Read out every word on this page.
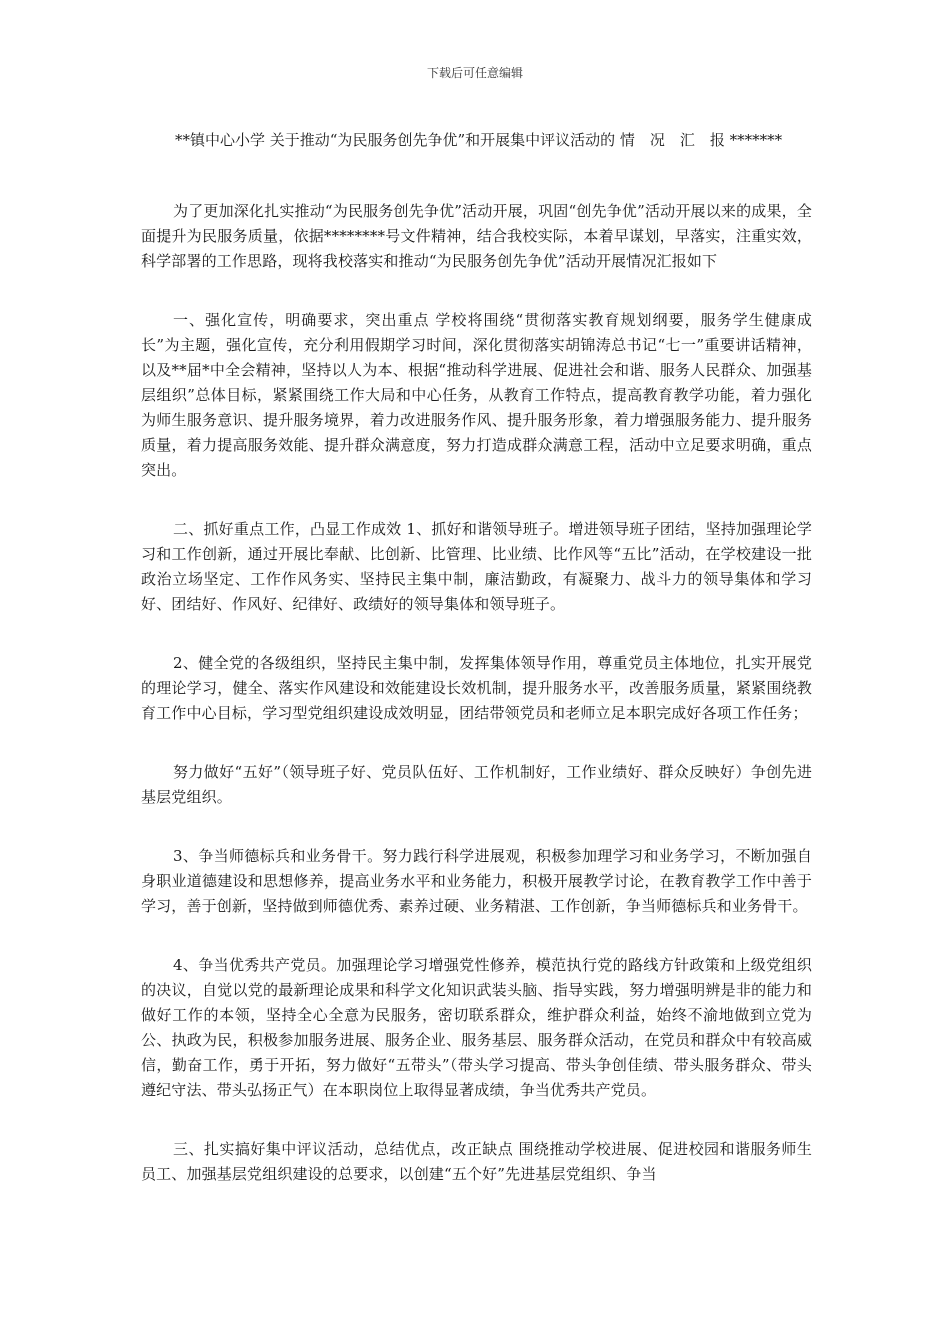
下载后可任意编辑
**镇中心小学 关于推动“为民服务创先争优”和开展集中评议活动的 情　况　汇　报 *******

为了更加深化扎实推动“为民服务创先争优”活动开展，巩固“创先争优”活动开展以来的成果，全面提升为民服务质量，依据********号文件精神，结合我校实际，本着早谋划，早落实，注重实效，科学部署的工作思路，现将我校落实和推动“为民服务创先争优”活动开展情况汇报如下

一、强化宣传，明确要求，突出重点 学校将围绕“贯彻落实教育规划纲要，服务学生健康成长”为主题，强化宣传，充分利用假期学习时间，深化贯彻落实胡锦涛总书记“七一”重要讲话精神，以及**届*中全会精神，坚持以人为本、根据“推动科学进展、促进社会和谐、服务人民群众、加强基层组织”总体目标，紧紧围绕工作大局和中心任务，从教育工作特点，提高教育教学功能，着力强化为师生服务意识、提升服务境界，着力改进服务作风、提升服务形象，着力增强服务能力、提升服务质量，着力提高服务效能、提升群众满意度，努力打造成群众满意工程，活动中立足要求明确，重点突出。

二、抓好重点工作，凸显工作成效 1、抓好和谐领导班子。增进领导班子团结，坚持加强理论学习和工作创新，通过开展比奉献、比创新、比管理、比业绩、比作风等“五比”活动，在学校建设一批政治立场坚定、工作作风务实、坚持民主集中制，廉洁勤政，有凝聚力、战斗力的领导集体和学习好、团结好、作风好、纪律好、政绩好的领导集体和领导班子。

2、健全党的各级组织，坚持民主集中制，发挥集体领导作用，尊重党员主体地位，扎实开展党的理论学习，健全、落实作风建设和效能建设长效机制，提升服务水平，改善服务质量，紧紧围绕教育工作中心目标，学习型党组织建设成效明显，团结带领党员和老师立足本职完成好各项工作任务；

努力做好“五好”（领导班子好、党员队伍好、工作机制好，工作业绩好、群众反映好）争创先进基层党组织。

3、争当师德标兵和业务骨干。努力践行科学进展观，积极参加理学习和业务学习，不断加强自身职业道德建设和思想修养，提高业务水平和业务能力，积极开展教学讨论，在教育教学工作中善于学习，善于创新，坚持做到师德优秀、素养过硬、业务精湛、工作创新，争当师德标兵和业务骨干。

4、争当优秀共产党员。加强理论学习增强党性修养，模范执行党的路线方针政策和上级党组织的决议，自觉以党的最新理论成果和科学文化知识武装头脑、指导实践，努力增强明辨是非的能力和做好工作的本领，坚持全心全意为民服务，密切联系群众，维护群众利益，始终不渝地做到立党为公、执政为民，积极参加服务进展、服务企业、服务基层、服务群众活动，在党员和群众中有较高威信，勤奋工作，勇于开拓，努力做好“五带头”（带头学习提高、带头争创佳绩、带头服务群众、带头遵纪守法、带头弘扬正气）在本职岗位上取得显著成绩，争当优秀共产党员。

三、扎实搞好集中评议活动，总结优点，改正缺点 围绕推动学校进展、促进校园和谐服务师生员工、加强基层党组织建设的总要求，以创建“五个好”先进基层党组织、争当
